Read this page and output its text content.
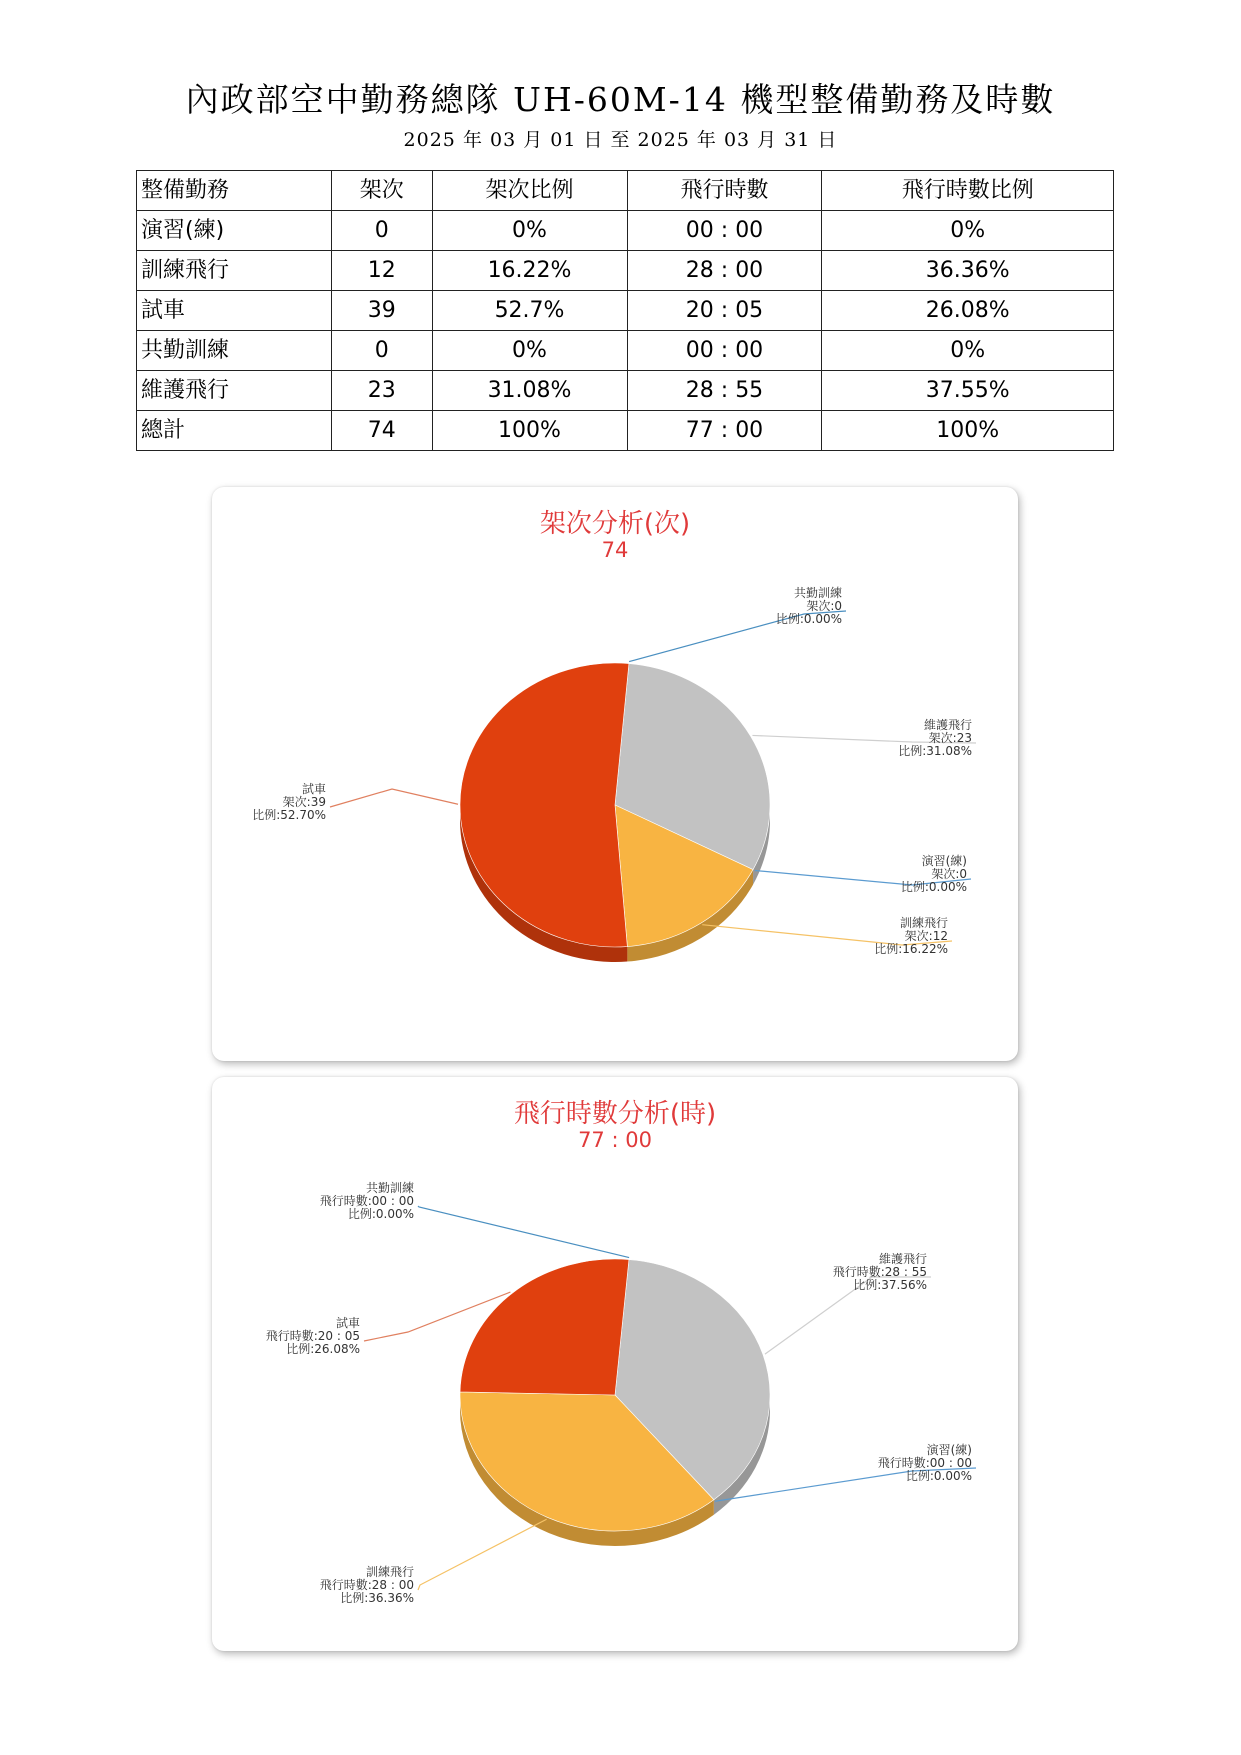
內政部空中勤務總隊 UH-60M-14 機型整備勤務及時數
2025 年 03 月 01 日 至 2025 年 03 月 31 日
整備勤務	架次	架次比例	飛行時數	飛行時數比例
演習(練)	0	0%	00 : 00	0%
訓練飛行	12	16.22%	28 : 00	36.36%
試車	39	52.7%	20 : 05	26.08%
共勤訓練	0	0%	00 : 00	0%
維護飛行	23	31.08%	28 : 55	37.55%
總計	74	100%	77 : 00	100%
架次分析(次)
74
共勤訓練
架次:0
比例:0.00%
維護飛行
架次:23
比例:31.08%
演習(練)
架次:0
比例:0.00%
訓練飛行
架次:12
比例:16.22%
試車
架次:39
比例:52.70%
飛行時數分析(時)
77 : 00
共勤訓練
飛行時數:00 : 00
比例:0.00%
維護飛行
飛行時數:28 : 55
比例:37.56%
演習(練)
飛行時數:00 : 00
比例:0.00%
訓練飛行
飛行時數:28 : 00
比例:36.36%
試車
飛行時數:20 : 05
比例:26.08%
